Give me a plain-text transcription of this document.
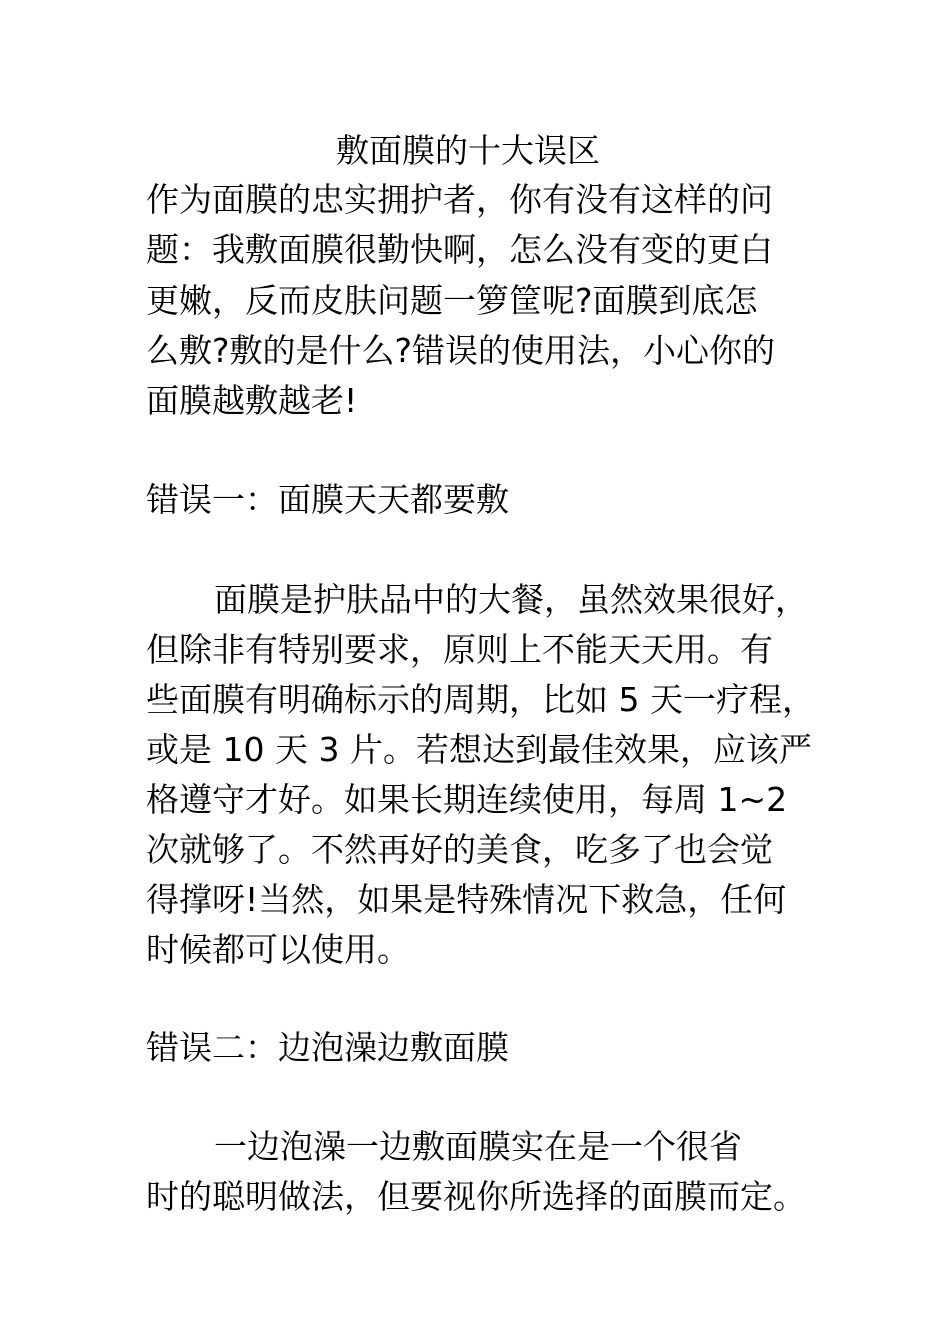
敷面膜的十大误区

作为面膜的忠实拥护者，你有没有这样的问

题：我敷面膜很勤快啊，怎么没有变的更白

更嫩，反而皮肤问题一箩筐呢?面膜到底怎

么敷?敷的是什么?错误的使用法，小心你的

面膜越敷越老!

错误一：面膜天天都要敷

面膜是护肤品中的大餐，虽然效果很好，

但除非有特别要求，原则上不能天天用。有

些面膜有明确标示的周期，比如 5 天一疗程，

或是 10 天 3 片。若想达到最佳效果，应该严

格遵守才好。如果长期连续使用，每周 1~2

次就够了。不然再好的美食，吃多了也会觉

得撑呀!当然，如果是特殊情况下救急，任何

时候都可以使用。

错误二：边泡澡边敷面膜

一边泡澡一边敷面膜实在是一个很省

时的聪明做法，但要视你所选择的面膜而定。
